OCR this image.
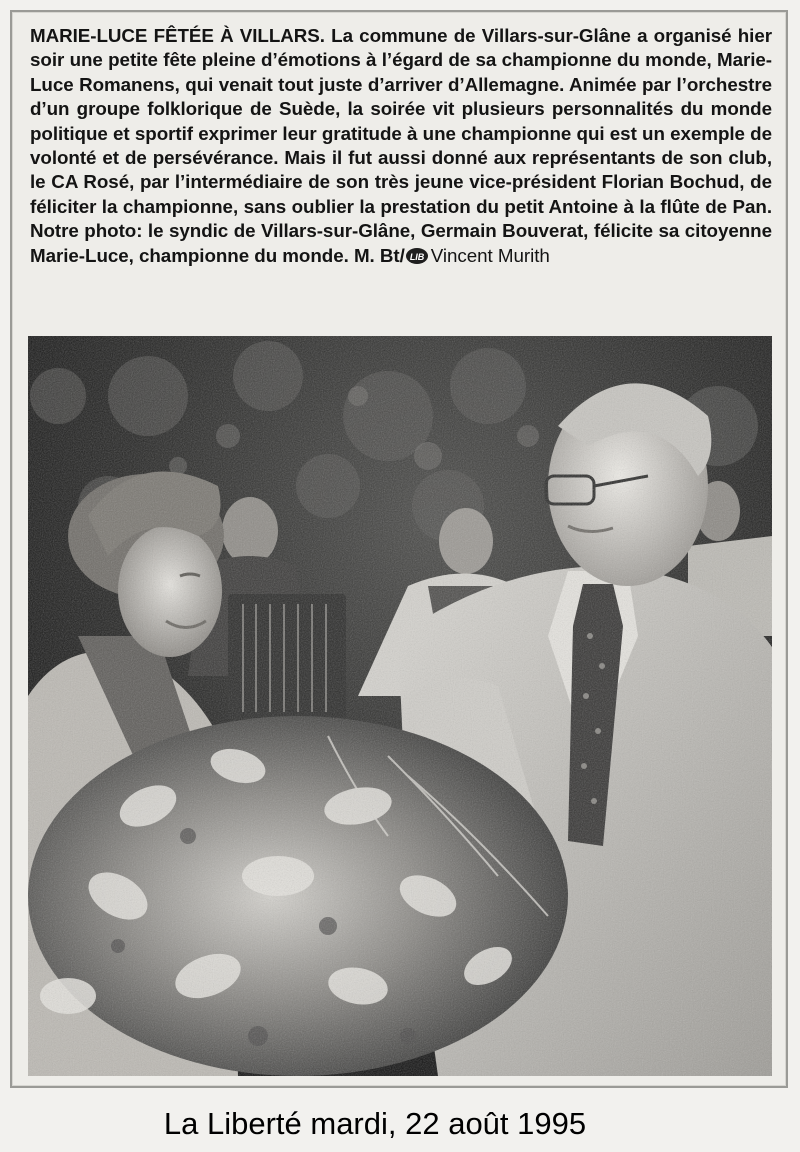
MARIE-LUCE FÊTÉE À VILLARS. La commune de Villars-sur-Glâne a organisé hier soir une petite fête pleine d’émotions à l’égard de sa championne du monde, Marie-Luce Romanens, qui venait tout juste d’arriver d’Allemagne. Animée par l’orchestre d’un groupe folklorique de Suède, la soirée vit plusieurs personnalités du monde politique et sportif exprimer leur gratitude à une championne qui est un exemple de volonté et de persévérance. Mais il fut aussi donné aux représentants de son club, le CA Rosé, par l’intermédiaire de son très jeune vice-président Florian Bochud, de féliciter la championne, sans oublier la prestation du petit Antoine à la flûte de Pan. Notre photo: le syndic de Villars-sur-Glâne, Germain Bouverat, félicite sa citoyenne Marie-Luce, championne du monde. M. Bt/ LIB Vincent Murith
La Liberté mardi, 22 août 1995
